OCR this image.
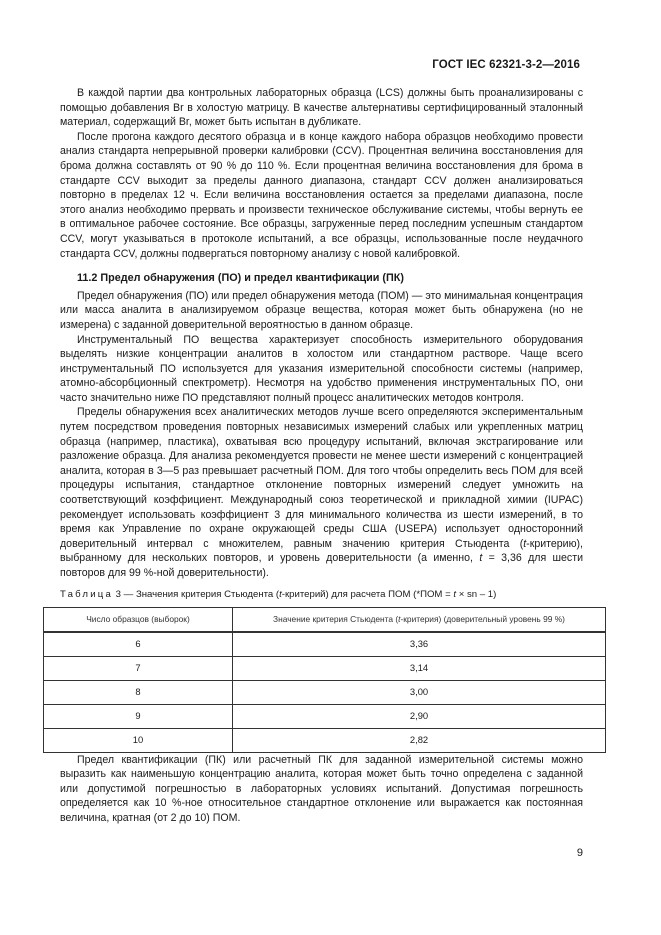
ГОСТ IEC 62321-3-2—2016

В каждой партии два контрольных лабораторных образца (LCS) должны быть проанализированы с помощью добавления Br в холостую матрицу. В качестве альтернативы сертифицированный эталонный материал, содержащий Br, может быть испытан в дубликате.

После прогона каждого десятого образца и в конце каждого набора образцов необходимо провести анализ стандарта непрерывной проверки калибровки (CCV). Процентная величина восстановления для брома должна составлять от 90 % до 110 %. Если процентная величина восстановления для брома в стандарте CCV выходит за пределы данного диапазона, стандарт CCV должен анализироваться повторно в пределах 12 ч. Если величина восстановления остается за пределами диапазона, после этого анализ необходимо прервать и произвести техническое обслуживание системы, чтобы вернуть ее в оптимальное рабочее состояние. Все образцы, загруженные перед последним успешным стандартом CCV, могут указываться в протоколе испытаний, а все образцы, использованные после неудачного стандарта CCV, должны подвергаться повторному анализу с новой калибровкой.

11.2 Предел обнаружения (ПО) и предел квантификации (ПК)

Предел обнаружения (ПО) или предел обнаружения метода (ПОМ) — это минимальная концентрация или масса аналита в анализируемом образце вещества, которая может быть обнаружена (но не измерена) с заданной доверительной вероятностью в данном образце.

Инструментальный ПО вещества характеризует способность измерительного оборудования выделять низкие концентрации аналитов в холостом или стандартном растворе. Чаще всего инструментальный ПО используется для указания измерительной способности системы (например, атомно-абсорбционный спектрометр). Несмотря на удобство применения инструментальных ПО, они часто значительно ниже ПО представляют полный процесс аналитических методов контроля.

Пределы обнаружения всех аналитических методов лучше всего определяются экспериментальным путем посредством проведения повторных независимых измерений слабых или укрепленных матриц образца (например, пластика), охватывая всю процедуру испытаний, включая экстрагирование или разложение образца. Для анализа рекомендуется провести не менее шести измерений с концентрацией аналита, которая в 3—5 раз превышает расчетный ПОМ. Для того чтобы определить весь ПОМ для всей процедуры испытания, стандартное отклонение повторных измерений следует умножить на соответствующий коэффициент. Международный союз теоретической и прикладной химии (IUPAC) рекомендует использовать коэффициент 3 для минимального количества из шести измерений, в то время как Управление по охране окружающей среды США (USEPA) использует односторонний доверительный интервал с множителем, равным значению критерия Стьюдента (t-критерию), выбранному для нескольких повторов, и уровень доверительности (а именно, t = 3,36 для шести повторов для 99 %-ной доверительности).

Таблица 3 — Значения критерия Стьюдента (t-критерий) для расчета ПОМ (*ПОМ = t × sn – 1)
Число образцов (выборок)	Значение критерия Стьюдента (t-критерия) (доверительный уровень 99 %)
6	3,36
7	3,14
8	3,00
9	2,90
10	2,82

Предел квантификации (ПК) или расчетный ПК для заданной измерительной системы можно выразить как наименьшую концентрацию аналита, которая может быть точно определена с заданной или допустимой погрешностью в лабораторных условиях испытаний. Допустимая погрешность определяется как 10 %-ное относительное стандартное отклонение или выражается как постоянная величина, кратная (от 2 до 10) ПОМ.

9
